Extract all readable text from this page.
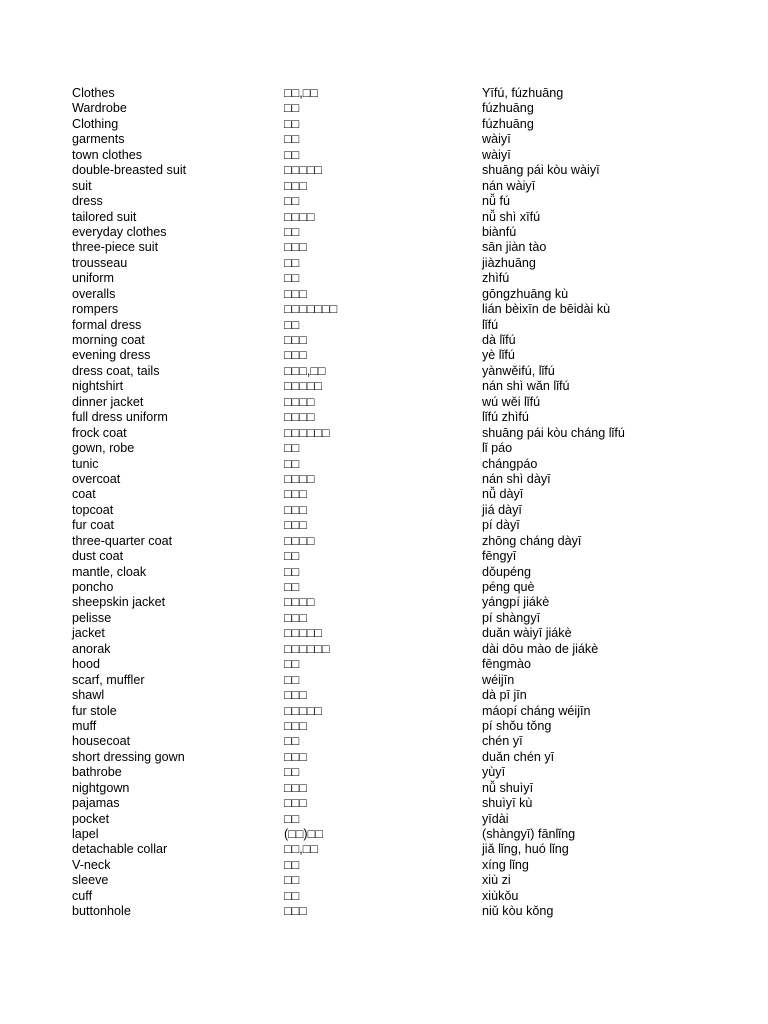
Clothes	□□,□□	Yīfú, fúzhuāng
Wardrobe	□□	fúzhuāng
Clothing	□□	fúzhuāng
garments	□□	wàiyī
town clothes	□□	wàiyī
double-breasted suit	□□□□□	shuāng pái kòu wàiyī
suit	□□□	nán wàiyī
dress	□□	nǚ fú
tailored suit	□□□□	nǚ shì xīfú
everyday clothes	□□	biànfú
three-piece suit	□□□	sān jiàn tào
trousseau	□□	jiàzhuāng
uniform	□□	zhìfú
overalls	□□□	gōngzhuāng kù
rompers	□□□□□□□	lián bèixīn de bēidài kù
formal dress	□□	lǐfú
morning coat	□□□	dà lǐfú
evening dress	□□□	yè lǐfú
dress coat, tails	□□□,□□	yànwěifú, lǐfú
nightshirt	□□□□□	nán shì wǎn lǐfú
dinner jacket	□□□□	wú wěi lǐfú
full dress uniform	□□□□	lǐfú zhìfú
frock coat	□□□□□□	shuāng pái kòu cháng lǐfú
gown, robe	□□	lǐ páo
tunic	□□	chángpáo
overcoat	□□□□	nán shì dàyī
coat	□□□	nǚ dàyī
topcoat	□□□	jiá dàyī
fur coat	□□□	pí dàyī
three-quarter coat	□□□□	zhōng cháng dàyī
dust coat	□□	fēngyī
mantle, cloak	□□	dǒupéng
poncho	□□	péng què
sheepskin jacket	□□□□	yángpí jiákè
pelisse	□□□	pí shàngyī
jacket	□□□□□	duǎn wàiyī jiákè
anorak	□□□□□□	dài dōu mào de jiákè
hood	□□	fēngmào
scarf, muffler	□□	wéijīn
shawl	□□□	dà pī jīn
fur stole	□□□□□	máopí cháng wéijīn
muff	□□□	pí shǒu tǒng
housecoat	□□	chén yī
short dressing gown	□□□	duǎn chén yī
bathrobe	□□	yùyī
nightgown	□□□	nǚ shuìyī
pajamas	□□□	shuìyī kù
pocket	□□	yīdài
lapel	(□□)□□	(shàngyī) fānlǐng
detachable collar	□□,□□	jiǎ lǐng, huó lǐng
V-neck	□□	xíng lǐng
sleeve	□□	xiù zi
cuff	□□	xiùkǒu
buttonhole	□□□	niǔ kòu kǒng
